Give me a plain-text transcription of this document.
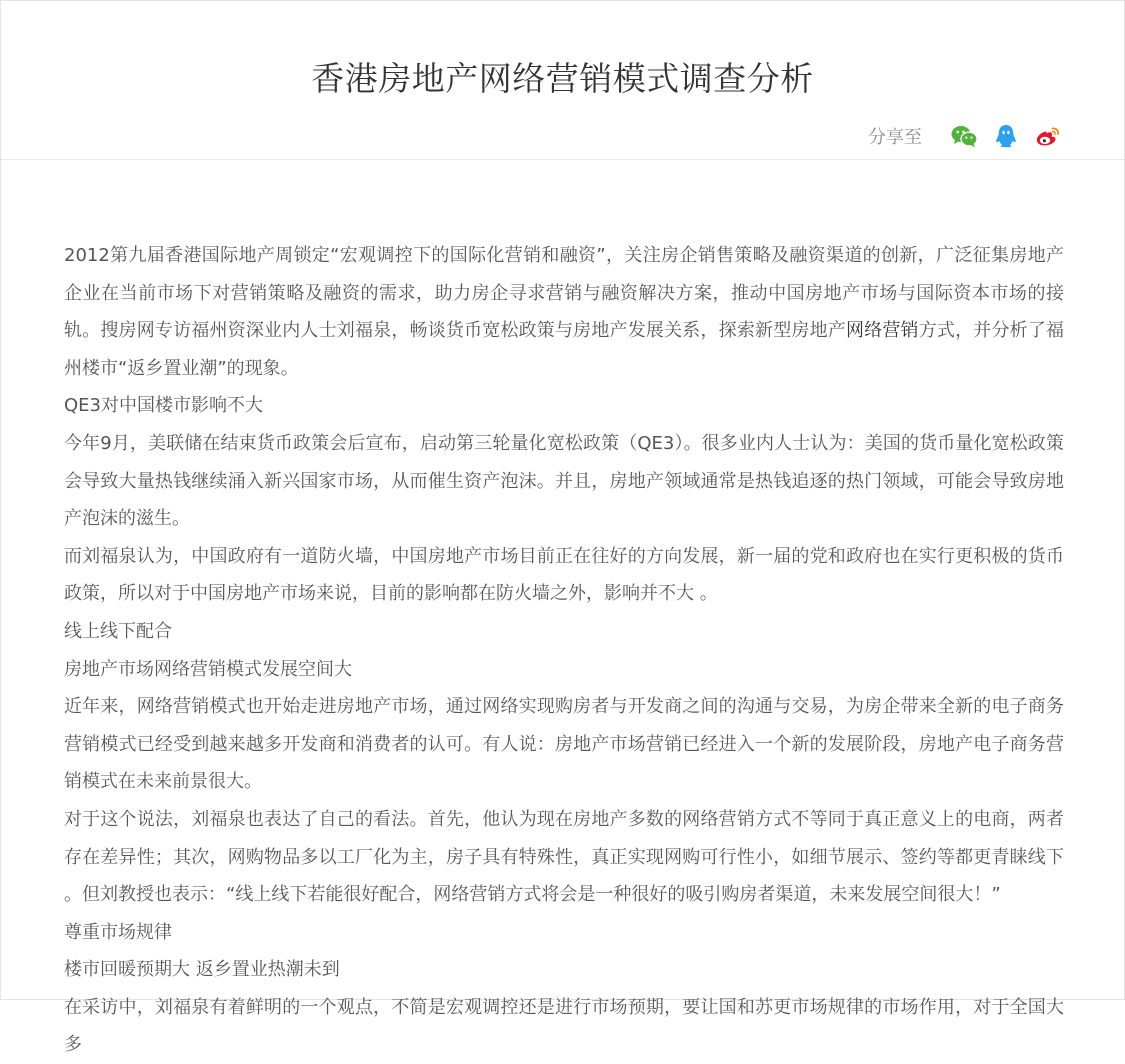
香港房地产网络营销模式调查分析
分享至

2012第九届香港国际地产周锁定“宏观调控下的国际化营销和融资”，关注房企销售策略及融资渠道的创新，广泛征集房地产企业在当前市场下对营销策略及融资的需求，助力房企寻求营销与融资解决方案，推动中国房地产市场与国际资本市场的接轨。搜房网专访福州资深业内人士刘福泉，畅谈货币宽松政策与房地产发展关系，探索新型房地产网络营销方式，并分析了福州楼市“返乡置业潮”的现象。

QE3对中国楼市影响不大

今年9月，美联储在结束货币政策会后宣布，启动第三轮量化宽松政策（QE3）。很多业内人士认为：美国的货币量化宽松政策会导致大量热钱继续涌入新兴国家市场，从而催生资产泡沫。并且，房地产领域通常是热钱追逐的热门领域，可能会导致房地产泡沫的滋生。

而刘福泉认为，中国政府有一道防火墙，中国房地产市场目前正在往好的方向发展，新一届的党和政府也在实行更积极的货币政策，所以对于中国房地产市场来说，目前的影响都在防火墙之外，影响并不大 。

线上线下配合

房地产市场网络营销模式发展空间大

近年来，网络营销模式也开始走进房地产市场，通过网络实现购房者与开发商之间的沟通与交易，为房企带来全新的电子商务营销模式已经受到越来越多开发商和消费者的认可。有人说：房地产市场营销已经进入一个新的发展阶段，房地产电子商务营销模式在未来前景很大。

对于这个说法，刘福泉也表达了自己的看法。首先，他认为现在房地产多数的网络营销方式不等同于真正意义上的电商，两者存在差异性；其次，网购物品多以工厂化为主，房子具有特殊性，真正实现网购可行性小，如细节展示、签约等都更青睐线下 。但刘教授也表示：“线上线下若能很好配合，网络营销方式将会是一种很好的吸引购房者渠道，未来发展空间很大！”

尊重市场规律

楼市回暖预期大 返乡置业热潮未到

在采访中，刘福泉有着鲜明的一个观点，不简是宏观调控还是进行市场预期，要让国和苏更市场规律的市场作用，对于全国大多
